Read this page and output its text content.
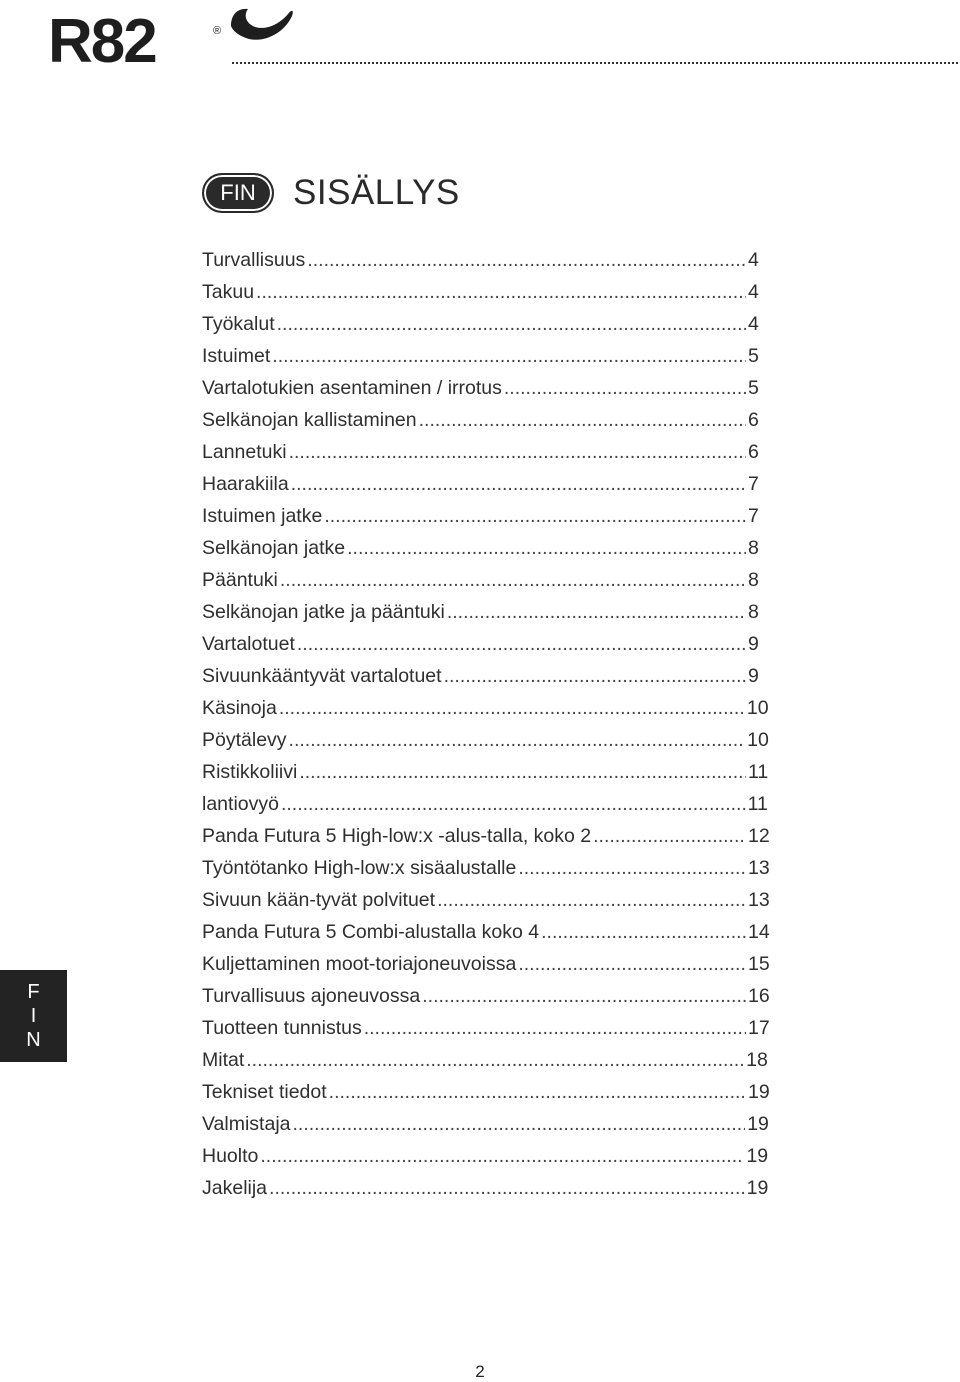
R82	®
FIN	SISÄLLYS
Turvallisuus .....	4
Takuu .....	4
Työkalut .....	4
Istuimet .....	5
Vartalotukien asentaminen / irrotus .....	5
Selkänojan kallistaminen .....	6
Lannetuki .....	6
Haarakiila .....	7
Istuimen jatke .....	7
Selkänojan jatke .....	8
Pääntuki .....	8
Selkänojan jatke ja pääntuki .....	8
Vartalotuet .....	9
Sivuunkääntyvät vartalotuet .....	9
Käsinoja .....	10
Pöytälevy .....	10
Ristikkoliivi .....	11
lantiovyö .....	11
Panda Futura 5 High-low:x -alus-talla, koko 2 .....	12
Työntötanko High-low:x sisäalustalle .....	13
Sivuun kään-tyvät polvituet .....	13
Panda Futura 5 Combi-alustalla koko 4 .....	14
Kuljettaminen moot-toriajoneuvoissa .....	15
Turvallisuus ajoneuvossa .....	16
Tuotteen tunnistus .....	17
Mitat .....	18
Tekniset tiedot .....	19
Valmistaja .....	19
Huolto .....	19
Jakelija .....	19
F
I
N
2
